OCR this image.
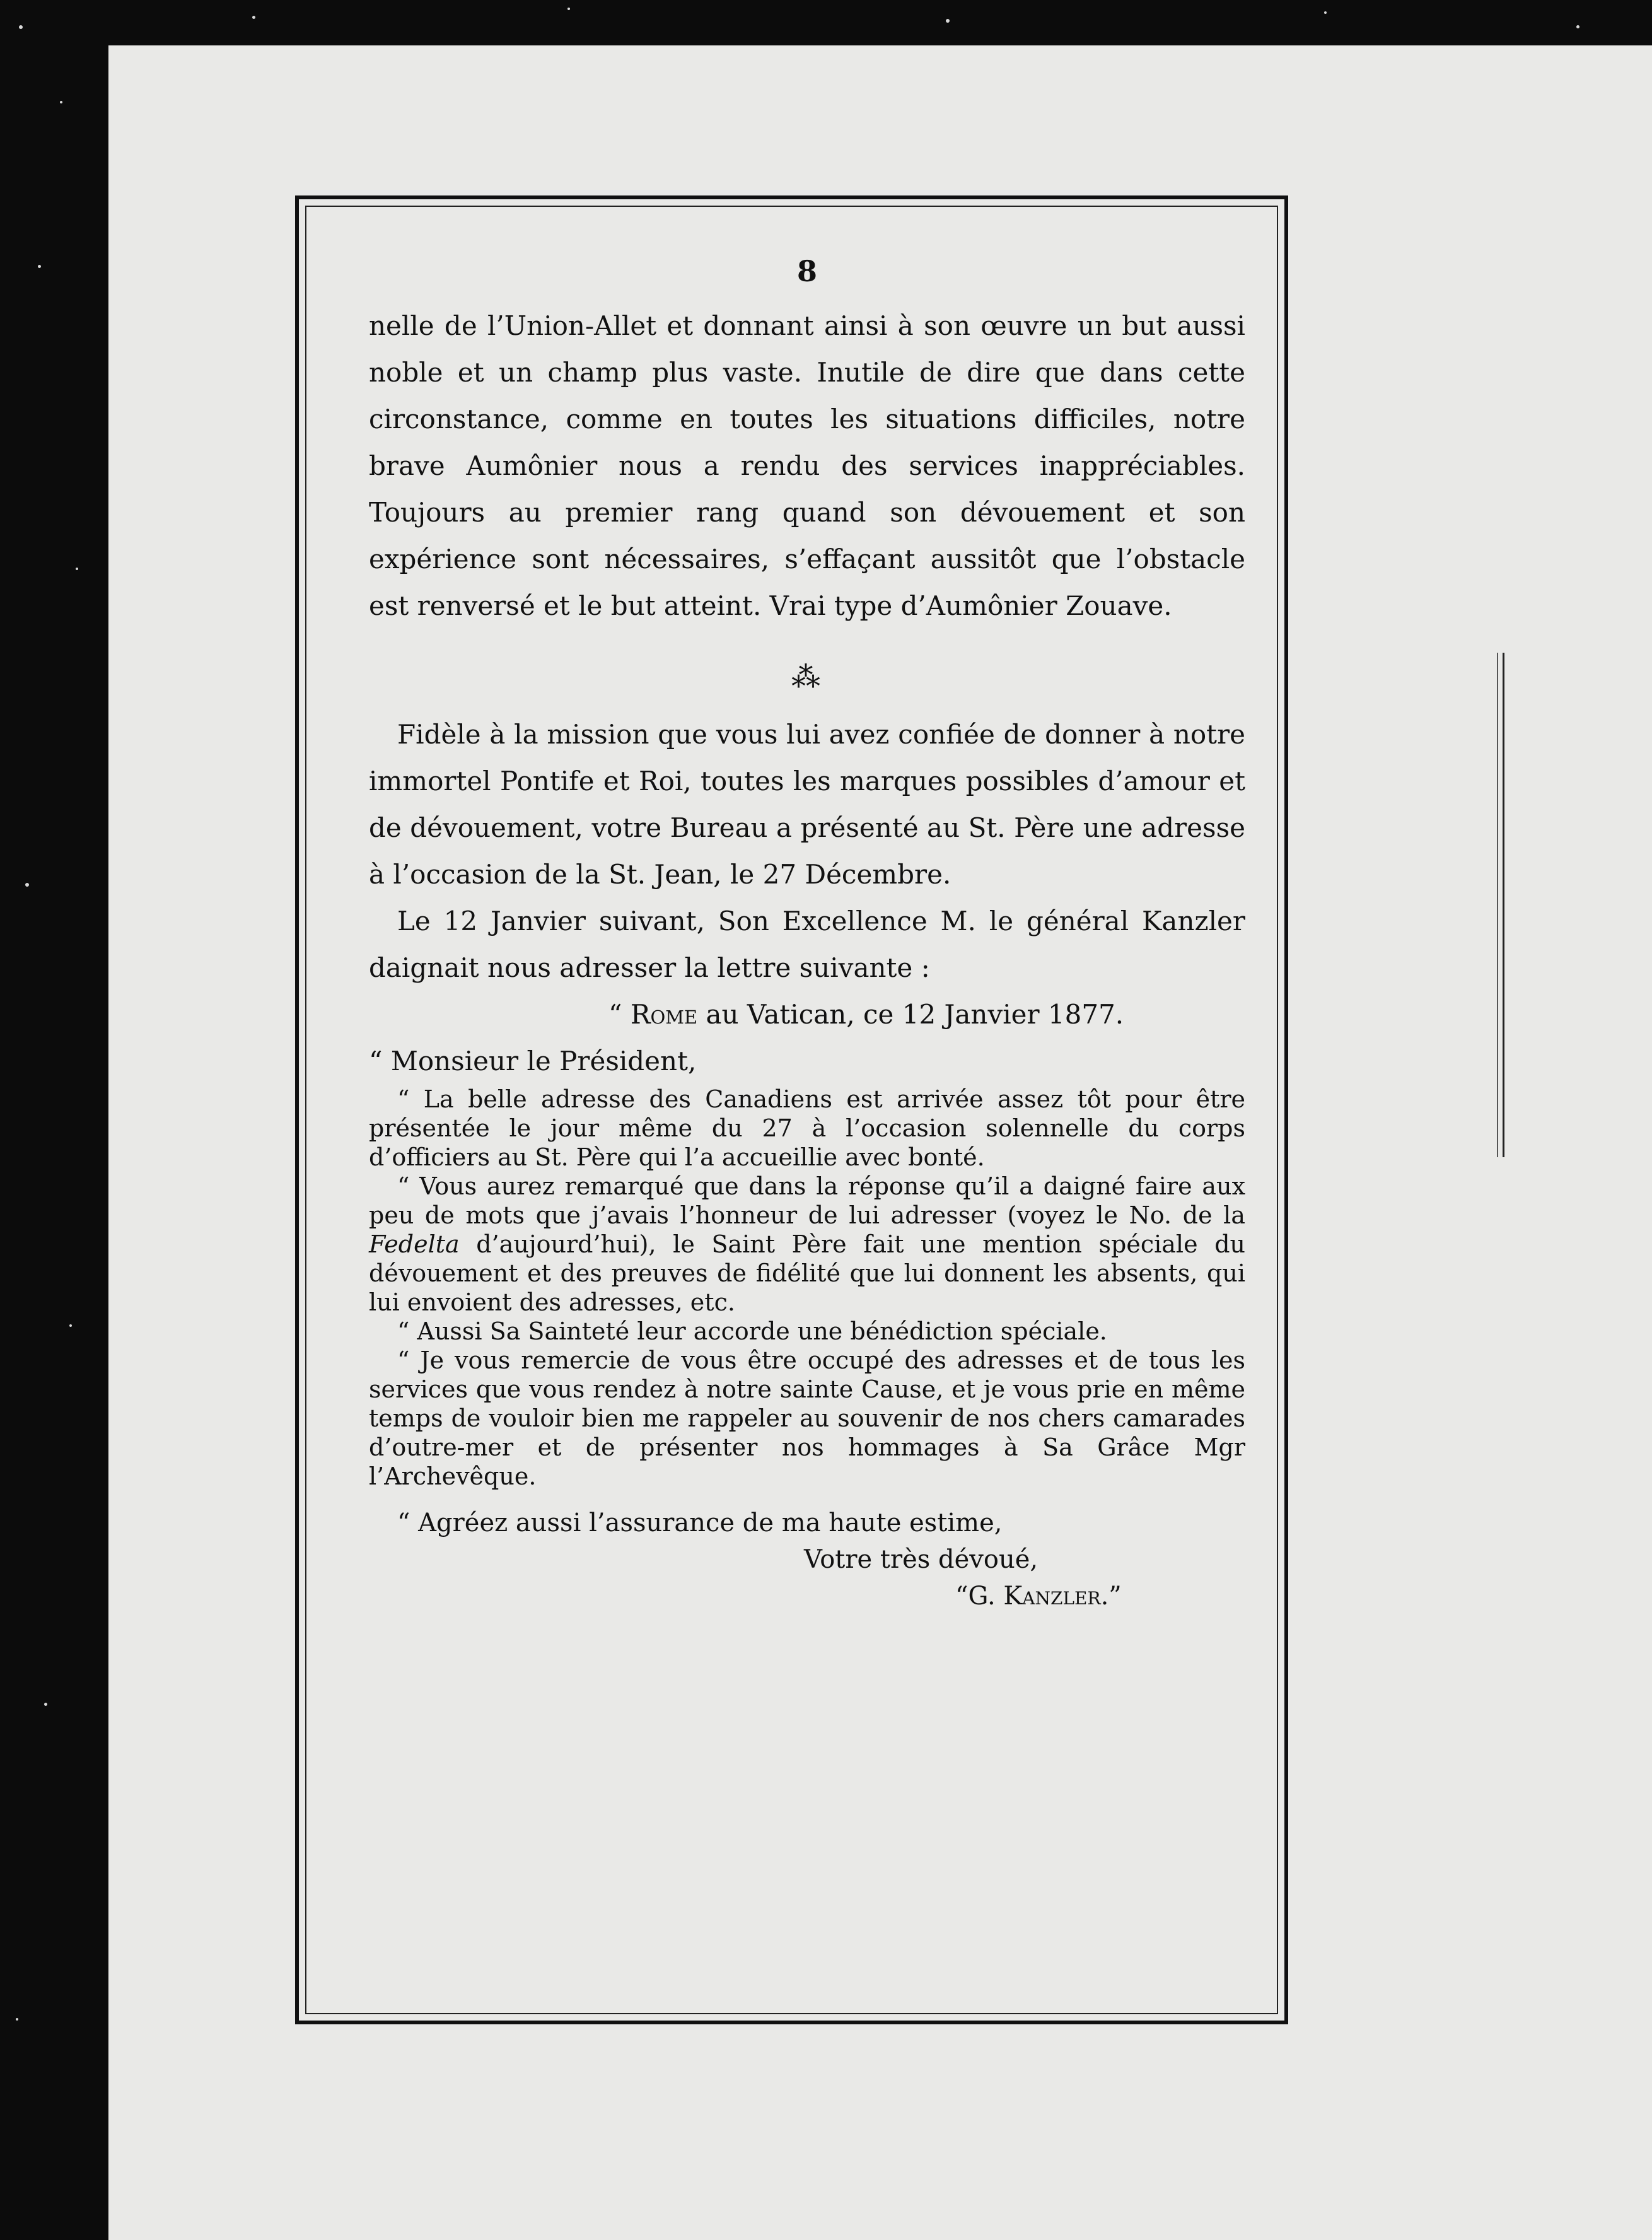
8

nelle de l’Union-Allet et donnant ainsi à son œuvre un but aussi noble et un champ plus vaste. Inutile de dire que dans cette circonstance, comme en toutes les situations difficiles, notre brave Aumônier nous a rendu des services inappréciables. Toujours au premier rang quand son dévouement et son expérience sont nécessaires, s’effaçant aussitôt que l’obstacle est renversé et le but atteint. Vrai type d’Aumônier Zouave.

⁂

Fidèle à la mission que vous lui avez confiée de donner à notre immortel Pontife et Roi, toutes les marques possibles d’amour et de dévouement, votre Bureau a présenté au St. Père une adresse à l’occasion de la St. Jean, le 27 Décembre.

Le 12 Janvier suivant, Son Excellence M. le général Kanzler daignait nous adresser la lettre suivante :

“ Rome au Vatican, ce 12 Janvier 1877.

“ Monsieur le Président,

“ La belle adresse des Canadiens est arrivée assez tôt pour être présentée le jour même du 27 à l’occasion solennelle du corps d’officiers au St. Père qui l’a accueillie avec bonté.

“ Vous aurez remarqué que dans la réponse qu’il a daigné faire aux peu de mots que j’avais l’honneur de lui adresser (voyez le No. de la Fedelta d’aujourd’hui), le Saint Père fait une mention spéciale du dévouement et des preuves de fidélité que lui donnent les absents, qui lui envoient des adresses, etc.

“ Aussi Sa Sainteté leur accorde une bénédiction spéciale.

“ Je vous remercie de vous être occupé des adresses et de tous les services que vous rendez à notre sainte Cause, et je vous prie en même temps de vouloir bien me rappeler au souvenir de nos chers camarades d’outre-mer et de présenter nos hommages à Sa Grâce Mgr l’Archevêque.

“ Agréez aussi l’assurance de ma haute estime,

Votre très dévoué,

“G. Kanzler.”
